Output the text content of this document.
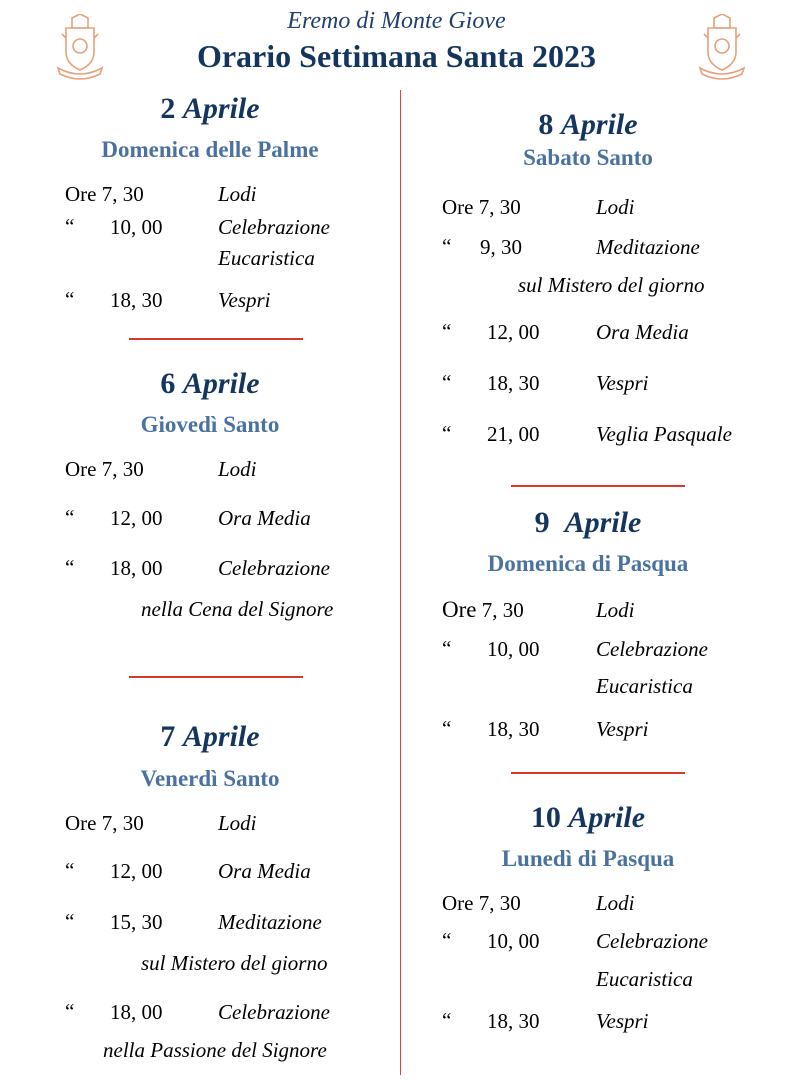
Eremo di Monte Giove
Orario Settimana Santa 2023
2 Aprile
Domenica delle Palme
Ore 7, 30	Lodi
“ 10, 00	Celebrazione
Eucaristica
“ 18, 30	Vespri
6 Aprile
Giovedì Santo
Ore 7, 30	Lodi
“ 12, 00	Ora Media
“ 18, 00	Celebrazione
nella Cena del Signore
7 Aprile
Venerdì Santo
Ore 7, 30	Lodi
“ 12, 00	Ora Media
“ 15, 30	Meditazione
sul Mistero del giorno
“ 18, 00	Celebrazione
nella Passione del Signore
8 Aprile
Sabato Santo
Ore 7, 30	Lodi
“ 9, 30	Meditazione
sul Mistero del giorno
“ 12, 00	Ora Media
“ 18, 30	Vespri
“ 21, 00	Veglia Pasquale
9 Aprile
Domenica di Pasqua
Ore 7, 30	Lodi
“ 10, 00	Celebrazione
Eucaristica
“ 18, 30	Vespri
10 Aprile
Lunedì di Pasqua
Ore 7, 30	Lodi
“ 10, 00	Celebrazione
Eucaristica
“ 18, 30	Vespri
